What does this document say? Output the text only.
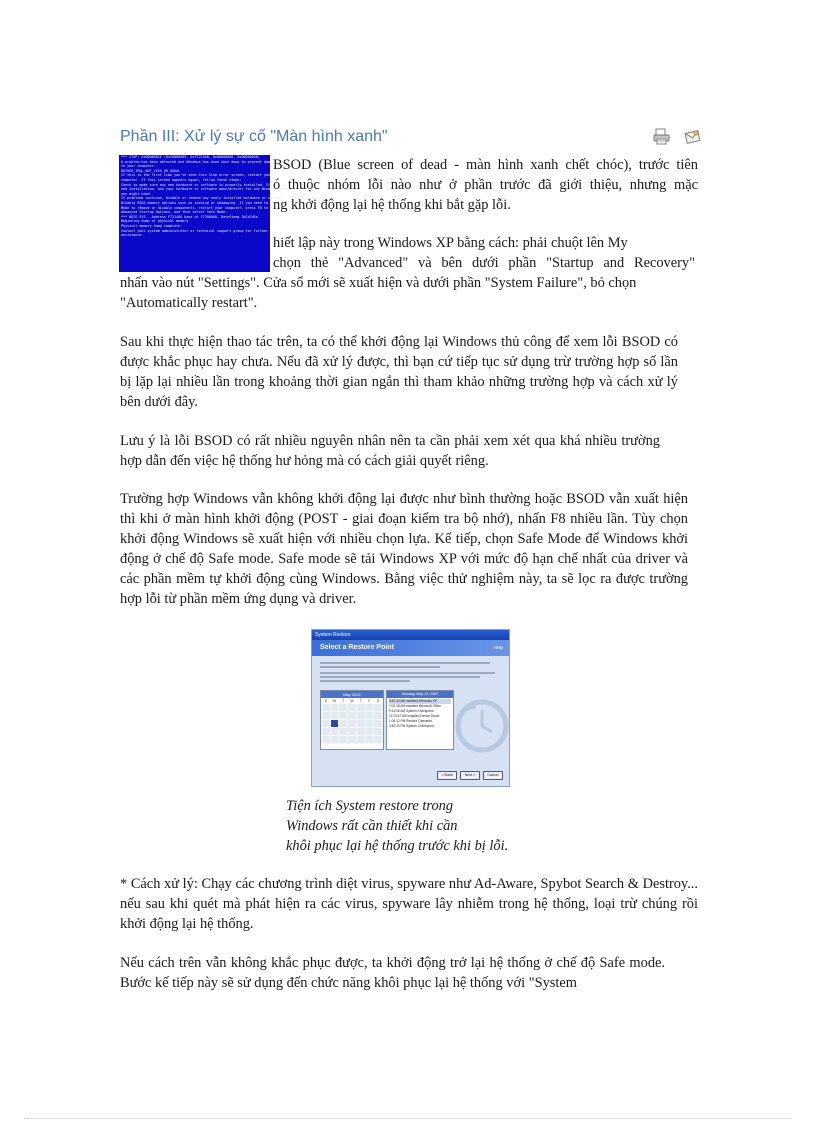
Phần III: Xử lý sự cố "Màn hình xanh"
*** STOP: 0x0000001E (0xC0000005, 0x7F214A8, 0x00000000, 0x00000000)
A problem has been detected and Windows has been shut down to prevent damage
to your computer.
DRIVER_IRQL_NOT_LESS_OR_EQUAL
If this is the first time you've seen this Stop error screen, restart your
computer. If this screen appears again, follow these steps:
Check to make sure any new hardware or software is properly installed. If this is a
new installation, ask your hardware or software manufacturer for any Windows updates
you might need.
If problems continue, disable or remove any newly installed hardware or software.
Disable BIOS memory options such as caching or shadowing. If you need to use Safe
Mode to remove or disable components, restart your computer, press F8 to select
Advanced Startup Options, and then select Safe Mode.
*** NDIS.SYS - Address F7214A8 base at F7200000, DateStamp 3b7d7d5a
Beginning dump of physical memory
Physical memory dump complete.
Contact your system administrator or technical support group for further
assistance.
BSOD (Blue screen of dead - màn hình xanh chết chóc), trước tiên
ó thuộc nhóm lỗi nào như ở phần trước đã giới thiệu, nhưng mặc
ng khởi động lại hệ thống khi bắt gặp lỗi.
hiết lập này trong Windows XP bằng cách: phải chuột lên My
chọn thẻ "Advanced" và bên dưới phần "Startup and Recovery"
nhấn vào nút "Settings". Cửa sổ mới sẽ xuất hiện và dưới phần "System Failure", bỏ chọn
"Automatically restart".
Sau khi thực hiện thao tác trên, ta có thể khởi động lại Windows thủ công để xem lỗi BSOD có được khắc phục hay chưa. Nếu đã xử lý được, thì bạn cứ tiếp tục sử dụng trừ trường hợp số lần bị lặp lại nhiều lần trong khoảng thời gian ngắn thì tham khảo những trường hợp và cách xử lý bên dưới đây.
Lưu ý là lỗi BSOD có rất nhiều nguyên nhân nên ta cần phải xem xét qua khá nhiều trường hợp dẫn đến việc hệ thống hư hỏng mà có cách giải quyết riêng.
Trường hợp Windows vẫn không khởi động lại được như bình thường hoặc BSOD vẫn xuất hiện thì khi ở màn hình khởi động (POST - giai đoạn kiểm tra bộ nhớ), nhấn F8 nhiều lần. Tùy chọn khởi động Windows sẽ xuất hiện với nhiều chọn lựa. Kế tiếp, chọn Safe Mode để Windows khởi động ở chế độ Safe mode. Safe mode sẽ tải Windows XP với mức độ hạn chế nhất của driver và các phần mềm tự khởi động cùng Windows. Bằng việc thử nghiệm này, ta sẽ lọc ra được trường hợp lỗi từ phần mềm ứng dụng và driver.
System Restore
Select a Restore Point	Help
May 2002
S	M	T	W	T	F	S
Monday, May 13, 2002
6:51:30 AM Installed Windows XP
7:02:18 AM Installed Microsoft Office
9:14:05 AM System Checkpoint
11:20:47 AM Installed Device Driver
1:05:12 PM Restore Operation
3:40:33 PM System Checkpoint
< Back	Next >	Cancel
Tiện ích System restore trong
Windows rất cần thiết khi cần
khôi phục lại hệ thống trước khi bị lỗi.
* Cách xử lý: Chạy các chương trình diệt virus, spyware như Ad-Aware, Spybot Search & Destroy... nếu sau khi quét mà phát hiện ra các virus, spyware lây nhiễm trong hệ thống, loại trừ chúng rồi khởi động lại hệ thống.
Nếu cách trên vẫn không khắc phục được, ta khởi động trở lại hệ thống ở chế độ Safe mode. Bước kế tiếp này sẽ sử dụng đến chức năng khôi phục lại hệ thống với "System
